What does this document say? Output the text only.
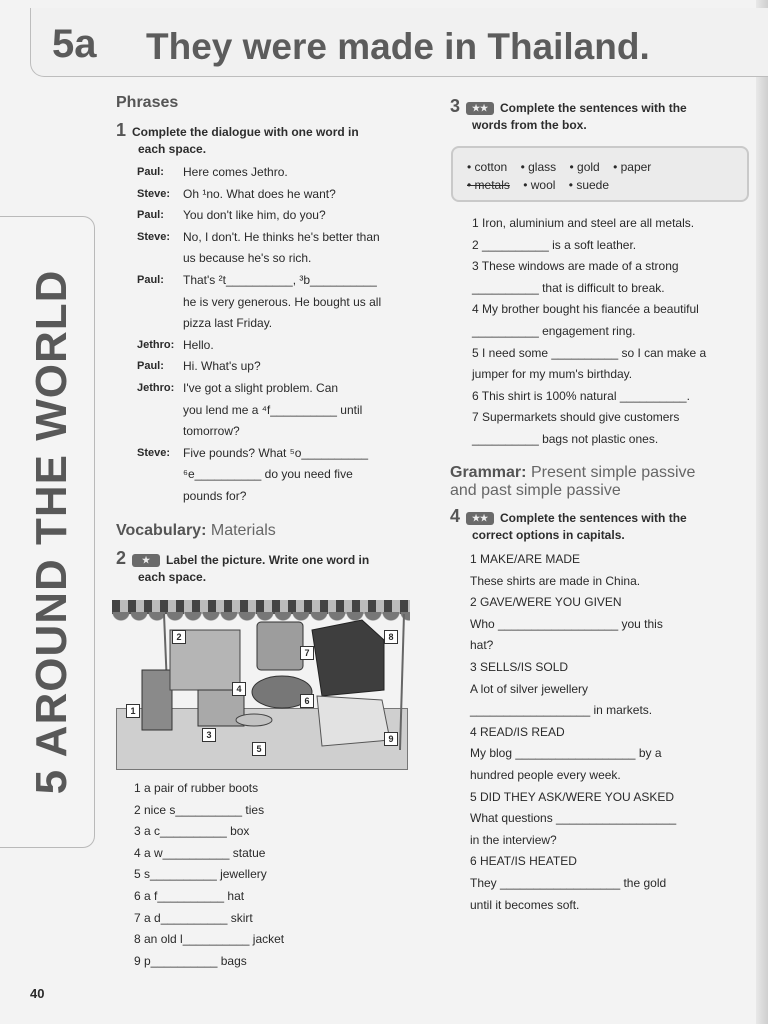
5a They were made in Thailand.
5 AROUND THE WORLD
40
Phrases
1 Complete the dialogue with one word in
each space.
Paul: Here comes Jethro.
Steve: Oh ¹no. What does he want?
Paul: You don't like him, do you?
Steve: No, I don't. He thinks he's better than
us because he's so rich.
Paul: That's ²t__________, ³b__________
he is very generous. He bought us all
pizza last Friday.
Jethro: Hello.
Paul: Hi. What's up?
Jethro: I've got a slight problem. Can
you lend me a ⁴f__________ until
tomorrow?
Steve: Five pounds? What ⁵o__________
⁶e__________ do you need five
pounds for?
Vocabulary: Materials
2 ★ Label the picture. Write one word in
each space.
1
2
3
4
5
6
7
8
9
1 a pair of rubber boots
2 nice s__________ ties
3 a c__________ box
4 a w__________ statue
5 s__________ jewellery
6 a f__________ hat
7 a d__________ skirt
8 an old l__________ jacket
9 p__________ bags
3 ★★ Complete the sentences with the
words from the box.
• cotton • glass • gold • paper
• metals • wool • suede
1 Iron, aluminium and steel are all metals.
2 __________ is a soft leather.
3 These windows are made of a strong
__________ that is difficult to break.
4 My brother bought his fiancée a beautiful
__________ engagement ring.
5 I need some __________ so I can make a
jumper for my mum's birthday.
6 This shirt is 100% natural __________.
7 Supermarkets should give customers
__________ bags not plastic ones.
Grammar: Present simple passive
and past simple passive
4 ★★ Complete the sentences with the
correct options in capitals.
1 MAKE/ARE MADE
These shirts are made in China.
2 GAVE/WERE YOU GIVEN
Who __________________ you this
hat?
3 SELLS/IS SOLD
A lot of silver jewellery
__________________ in markets.
4 READ/IS READ
My blog __________________ by a
hundred people every week.
5 DID THEY ASK/WERE YOU ASKED
What questions __________________
in the interview?
6 HEAT/IS HEATED
They __________________ the gold
until it becomes soft.
